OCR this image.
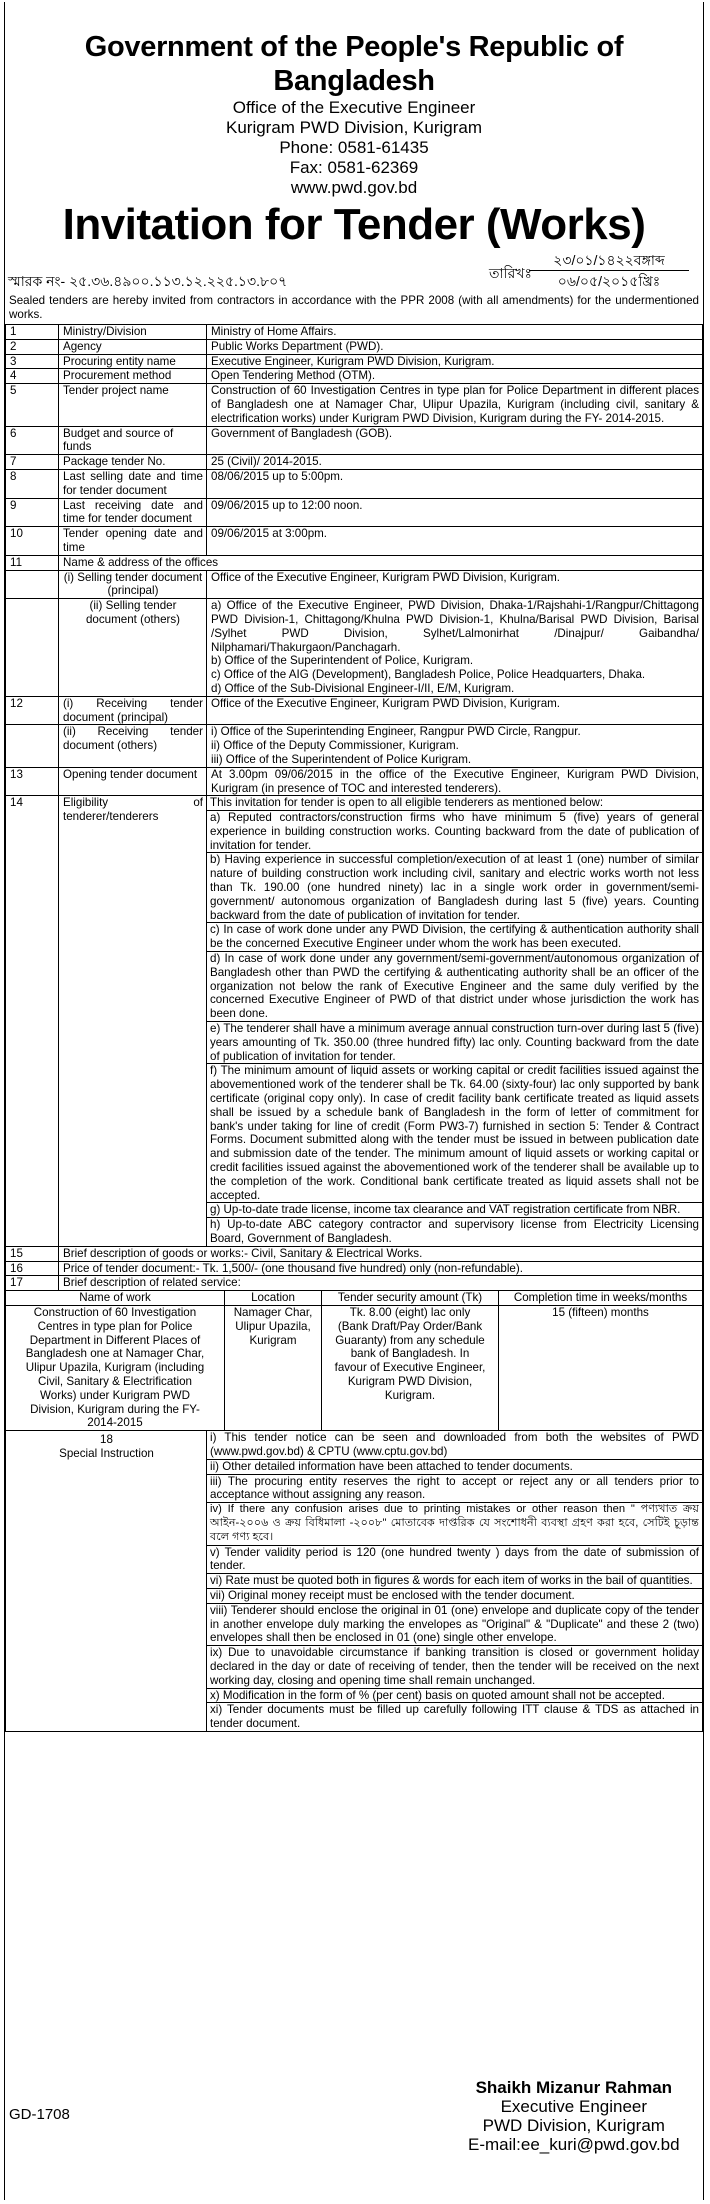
Government of the People's Republic of Bangladesh
Office of the Executive Engineer
Kurigram PWD Division, Kurigram
Phone: 0581-61435
Fax: 0581-62369
www.pwd.gov.bd
Invitation for Tender (Works)
স্মারক নং- ২৫.৩৬.৪৯০০.১১৩.১২.২২৫.১৩.৮০৭	তারিখঃ
২৩/০১/১৪২২বঙ্গাব্দ
০৬/০৫/২০১৫খ্রিঃ
Sealed tenders are hereby invited from contractors in accordance with the PPR 2008 (with all amendments) for the undermentioned works.
1	Ministry/Division	Ministry of Home Affairs.
2	Agency	Public Works Department (PWD).
3	Procuring entity name	Executive Engineer, Kurigram PWD Division, Kurigram.
4	Procurement method	Open Tendering Method (OTM).
5	Tender project name	Construction of 60 Investigation Centres in type plan for Police Department in different places of Bangladesh one at Namager Char, Ulipur Upazila, Kurigram (including civil, sanitary & electrification works) under Kurigram PWD Division, Kurigram during the FY- 2014-2015.
6	Budget and source of funds	Government of Bangladesh (GOB).
7	Package tender No.	25 (Civil)/ 2014-2015.
8	Last selling date and time for tender document	08/06/2015 up to 5:00pm.
9	Last receiving date and time for tender document	09/06/2015 up to 12:00 noon.
10	Tender opening date and time	09/06/2015 at 3:00pm.
11	Name & address of the offices
	(i) Selling tender document (principal)	Office of the Executive Engineer, Kurigram PWD Division, Kurigram.
	(ii) Selling tender document (others)	
a) Office of the Executive Engineer, PWD Division, Dhaka-1/Rajshahi-1/Rangpur/Chittagong PWD Division-1, Chittagong/Khulna PWD Division-1, Khulna/Barisal PWD Division, Barisal /Sylhet PWD Division, Sylhet/Lalmonirhat /Dinajpur/ Gaibandha/ Nilphamari/Thakurgaon/Panchagarh.
b) Office of the Superintendent of Police, Kurigram.
c) Office of the AIG (Development), Bangladesh Police, Police Headquarters, Dhaka.
d) Office of the Sub-Divisional Engineer-I/II, E/M, Kurigram.

12	(i) Receiving tender document (principal)	Office of the Executive Engineer, Kurigram PWD Division, Kurigram.
	(ii) Receiving tender document (others)	
i) Office of the Superintending Engineer, Rangpur PWD Circle, Rangpur.
ii) Office of the Deputy Commissioner, Kurigram.
iii) Office of the Superintendent of Police Kurigram.

13	Opening tender document	At 3.00pm 09/06/2015 in the office of the Executive Engineer, Kurigram PWD Division, Kurigram (in presence of TOC and interested tenderers).
14	Eligibility of tenderer/tenderers	
This invitation for tender is open to all eligible tenderers as mentioned below:
a) Reputed contractors/construction firms who have minimum 5 (five) years of general experience in building construction works. Counting backward from the date of publication of invitation for tender.
b) Having experience in successful completion/execution of at least 1 (one) number of similar nature of building construction work including civil, sanitary and electric works worth not less than Tk. 190.00 (one hundred ninety) lac in a single work order in government/semi-government/ autonomous organization of Bangladesh during last 5 (five) years. Counting backward from the date of publication of invitation for tender.
c) In case of work done under any PWD Division, the certifying & authentication authority shall be the concerned Executive Engineer under whom the work has been executed.
d) In case of work done under any government/semi-government/autonomous organization of Bangladesh other than PWD the certifying & authenticating authority shall be an officer of the organization not below the rank of Executive Engineer and the same duly verified by the concerned Executive Engineer of PWD of that district under whose jurisdiction the work has been done.
e) The tenderer shall have a minimum average annual construction turn-over during last 5 (five) years amounting of Tk. 350.00 (three hundred fifty) lac only. Counting backward from the date of publication of invitation for tender.
f) The minimum amount of liquid assets or working capital or credit facilities issued against the abovementioned work of the tenderer shall be Tk. 64.00 (sixty-four) lac only supported by bank certificate (original copy only). In case of credit facility bank certificate treated as liquid assets shall be issued by a schedule bank of Bangladesh in the form of letter of commitment for bank's under taking for line of credit (Form PW3-7) furnished in section 5: Tender & Contract Forms. Document submitted along with the tender must be issued in between publication date and submission date of the tender. The minimum amount of liquid assets or working capital or credit facilities issued against the abovementioned work of the tenderer shall be available up to the completion of the work. Conditional bank certificate treated as liquid assets shall not be accepted.
g) Up-to-date trade license, income tax clearance and VAT registration certificate from NBR.
h) Up-to-date ABC category contractor and supervisory license from Electricity Licensing Board, Government of Bangladesh.

15	Brief description of goods or works:- Civil, Sanitary & Electrical Works.
16	Price of tender document:- Tk. 1,500/- (one thousand five hundred) only (non-refundable).
17	Brief description of related service:

Name of work	Location	Tender security amount (Tk)	Completion time in weeks/months
Construction of 60 Investigation Centres in type plan for Police Department in Different Places of Bangladesh one at Namager Char, Ulipur Upazila, Kurigram (including Civil, Sanitary & Electrification Works) under Kurigram PWD Division, Kurigram during the FY-2014-2015	Namager Char, Ulipur Upazila, Kurigram	Tk. 8.00 (eight) lac only (Bank Draft/Pay Order/Bank Guaranty) from any schedule bank of Bangladesh. In favour of Executive Engineer, Kurigram PWD Division, Kurigram.	15 (fifteen) months

18
Special Instruction

i) This tender notice can be seen and downloaded from both the websites of PWD (www.pwd.gov.bd) & CPTU (www.cptu.gov.bd)
ii) Other detailed information have been attached to tender documents.
iii) The procuring entity reserves the right to accept or reject any or all tenders prior to acceptance without assigning any reason.
iv) If there any confusion arises due to printing mistakes or other reason then " পণ্যখাত ক্রয় আইন-২০০৬ ও ক্রয় বিধিমালা -২০০৮" মোতাবেক দাপ্তরিক যে সংশোধনী ব্যবস্থা গ্রহণ করা হবে, সেটিই চূড়ান্ত বলে গণ্য হবে।
v) Tender validity period is 120 (one hundred twenty ) days from the date of submission of tender.
vi) Rate must be quoted both in figures & words for each item of works in the bail of quantities.
vii) Original money receipt must be enclosed with the tender document.
viii) Tenderer should enclose the original in 01 (one) envelope and duplicate copy of the tender in another envelope duly marking the envelopes as "Original" & "Duplicate" and these 2 (two) envelopes shall then be enclosed in 01 (one) single other envelope.
ix) Due to unavoidable circumstance if banking transition is closed or government holiday declared in the day or date of receiving of tender, then the tender will be received on the next working day, closing and opening time shall remain unchanged.
x) Modification in the form of % (per cent) basis on quoted amount shall not be accepted.
xi) Tender documents must be filled up carefully following ITT clause & TDS as attached in tender document.
GD-1708
Shaikh Mizanur Rahman
Executive Engineer
PWD Division, Kurigram
E-mail:ee_kuri@pwd.gov.bd
